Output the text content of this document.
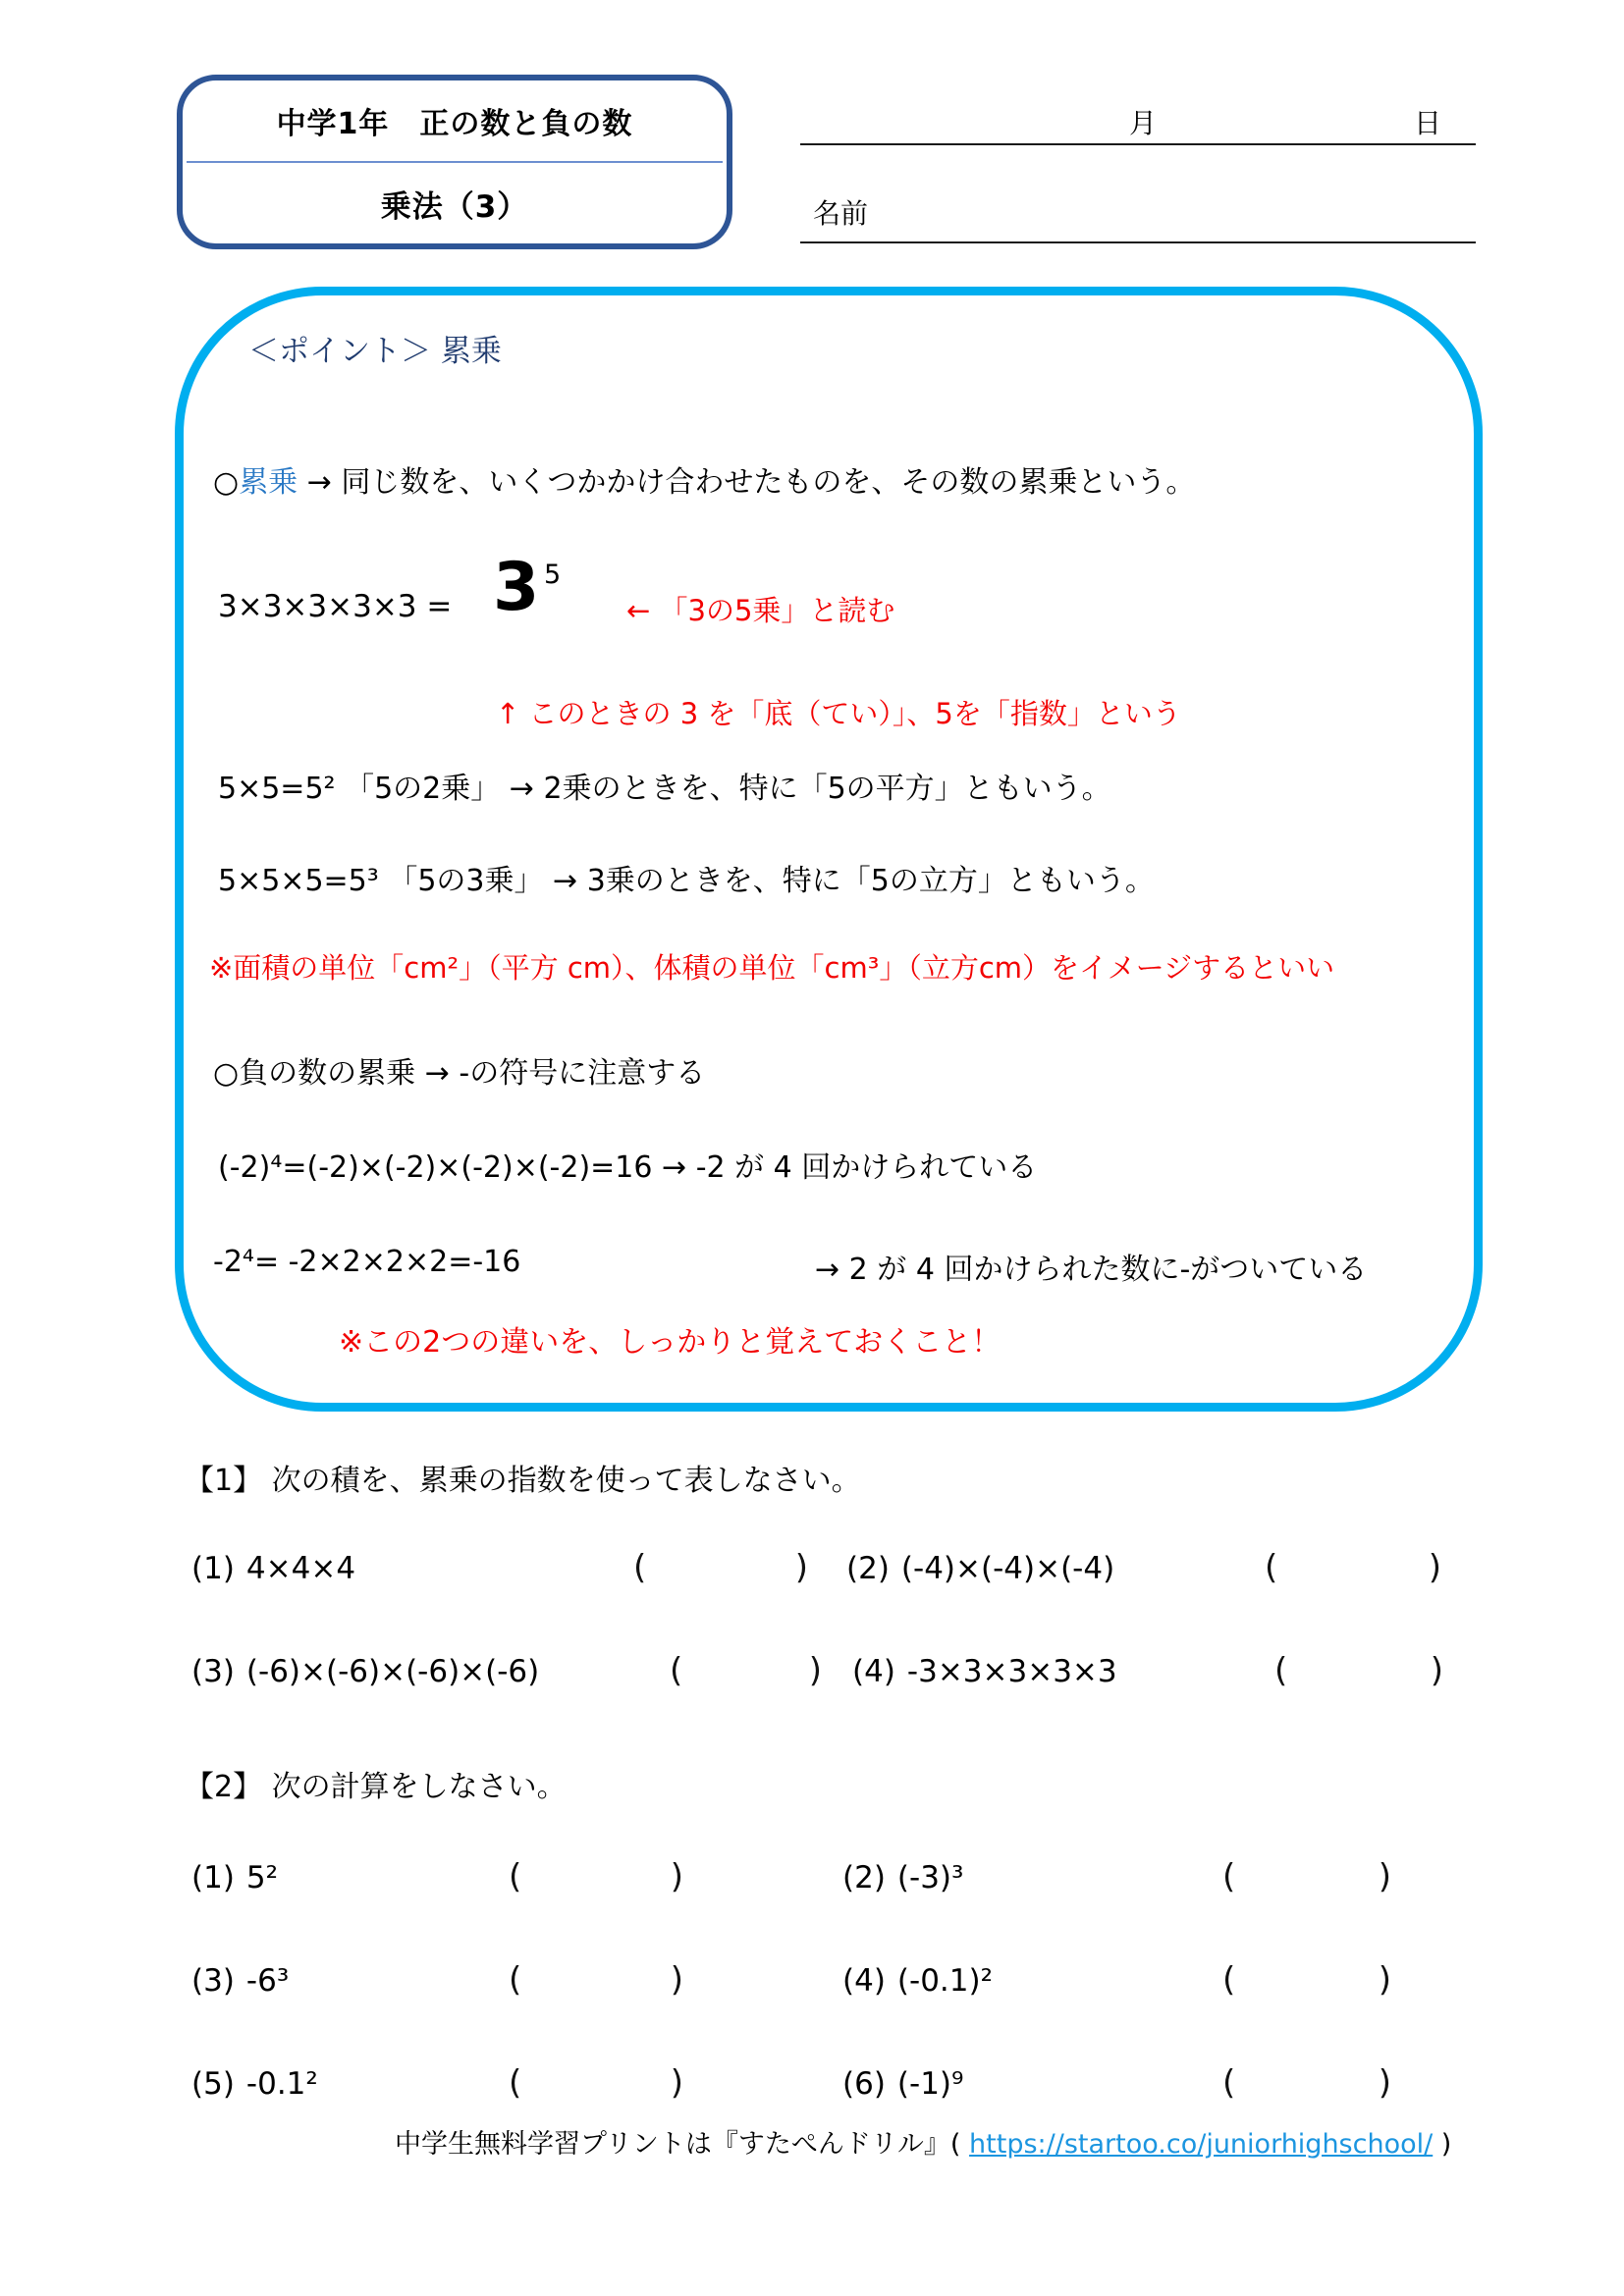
中学1年　正の数と負の数
乗法（3）
月	日
名前
＜ポイント＞ 累乗
○累乗 → 同じ数を、いくつかかけ合わせたものを、その数の累乗という。
3×3×3×3×3 = 3 5
← 「3の5乗」と読む
↑ このときの 3 を「底（てい）」、5を「指数」という
5×5=5² 「5の2乗」 → 2乗のときを、特に「5の平方」ともいう。
5×5×5=5³ 「5の3乗」 → 3乗のときを、特に「5の立方」ともいう。
※面積の単位「cm²」（平方 cm）、体積の単位「cm³」（立方cm）をイメージするといい
○負の数の累乗 → -の符号に注意する
(-2)⁴=(-2)×(-2)×(-2)×(-2)=16 → -2 が 4 回かけられている
-2⁴= -2×2×2×2=-16	→ 2 が 4 回かけられた数に-がついている
※この2つの違いを、しっかりと覚えておくこと！
【1】 次の積を、累乗の指数を使って表しなさい。
(1) 4×4×4	(	) (2) (-4)×(-4)×(-4)	(	)
(3) (-6)×(-6)×(-6)×(-6)	(	) (4) -3×3×3×3×3	(	)
【2】 次の計算をしなさい。
(1) 5²	(	)	(2) (-3)³	(	)
(3) -6³	(	)	(4) (-0.1)²	(	)
(5) -0.1²	(	)	(6) (-1)⁹	(	)
中学生無料学習プリントは『すたぺんドリル』( https://startoo.co/juniorhighschool/ )
